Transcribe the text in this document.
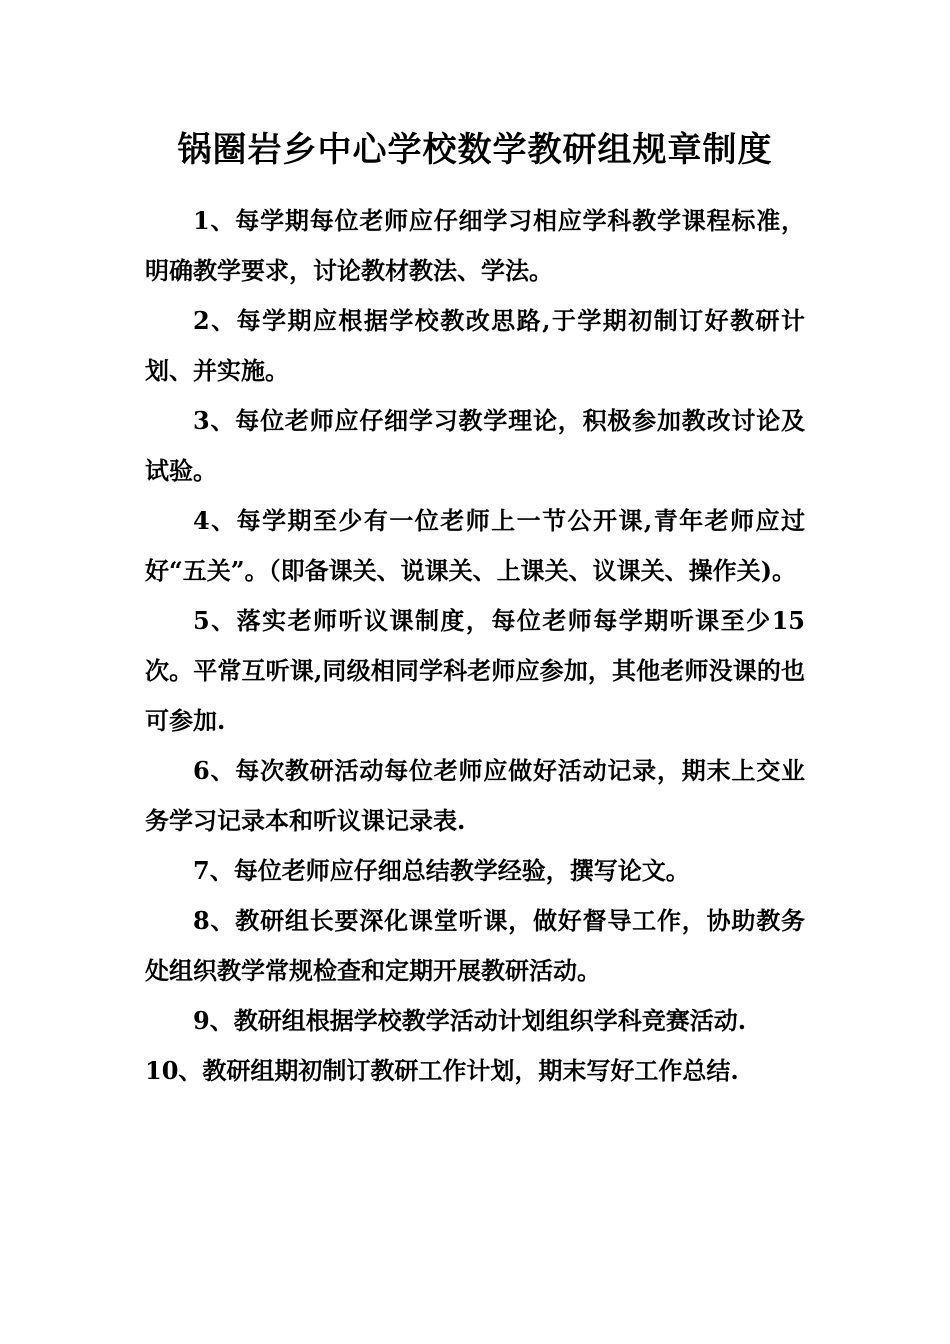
锅圈岩乡中心学校数学教研组规章制度

1、每学期每位老师应仔细学习相应学科教学课程标准，明确教学要求，讨论教材教法、学法。

2、每学期应根据学校教改思路,于学期初制订好教研计划、并实施。

3、每位老师应仔细学习教学理论，积极参加教改讨论及试验。

4、每学期至少有一位老师上一节公开课,青年老师应过好“五关”。（即备课关、说课关、上课关、议课关、操作关)。

5、落实老师听议课制度，每位老师每学期听课至少15次。平常互听课,同级相同学科老师应参加，其他老师没课的也可参加.

6、每次教研活动每位老师应做好活动记录，期末上交业务学习记录本和听议课记录表.

7、每位老师应仔细总结教学经验，撰写论文。

8、教研组长要深化课堂听课，做好督导工作，协助教务处组织教学常规检查和定期开展教研活动。

9、教研组根据学校教学活动计划组织学科竞赛活动.

10、教研组期初制订教研工作计划，期末写好工作总结.
